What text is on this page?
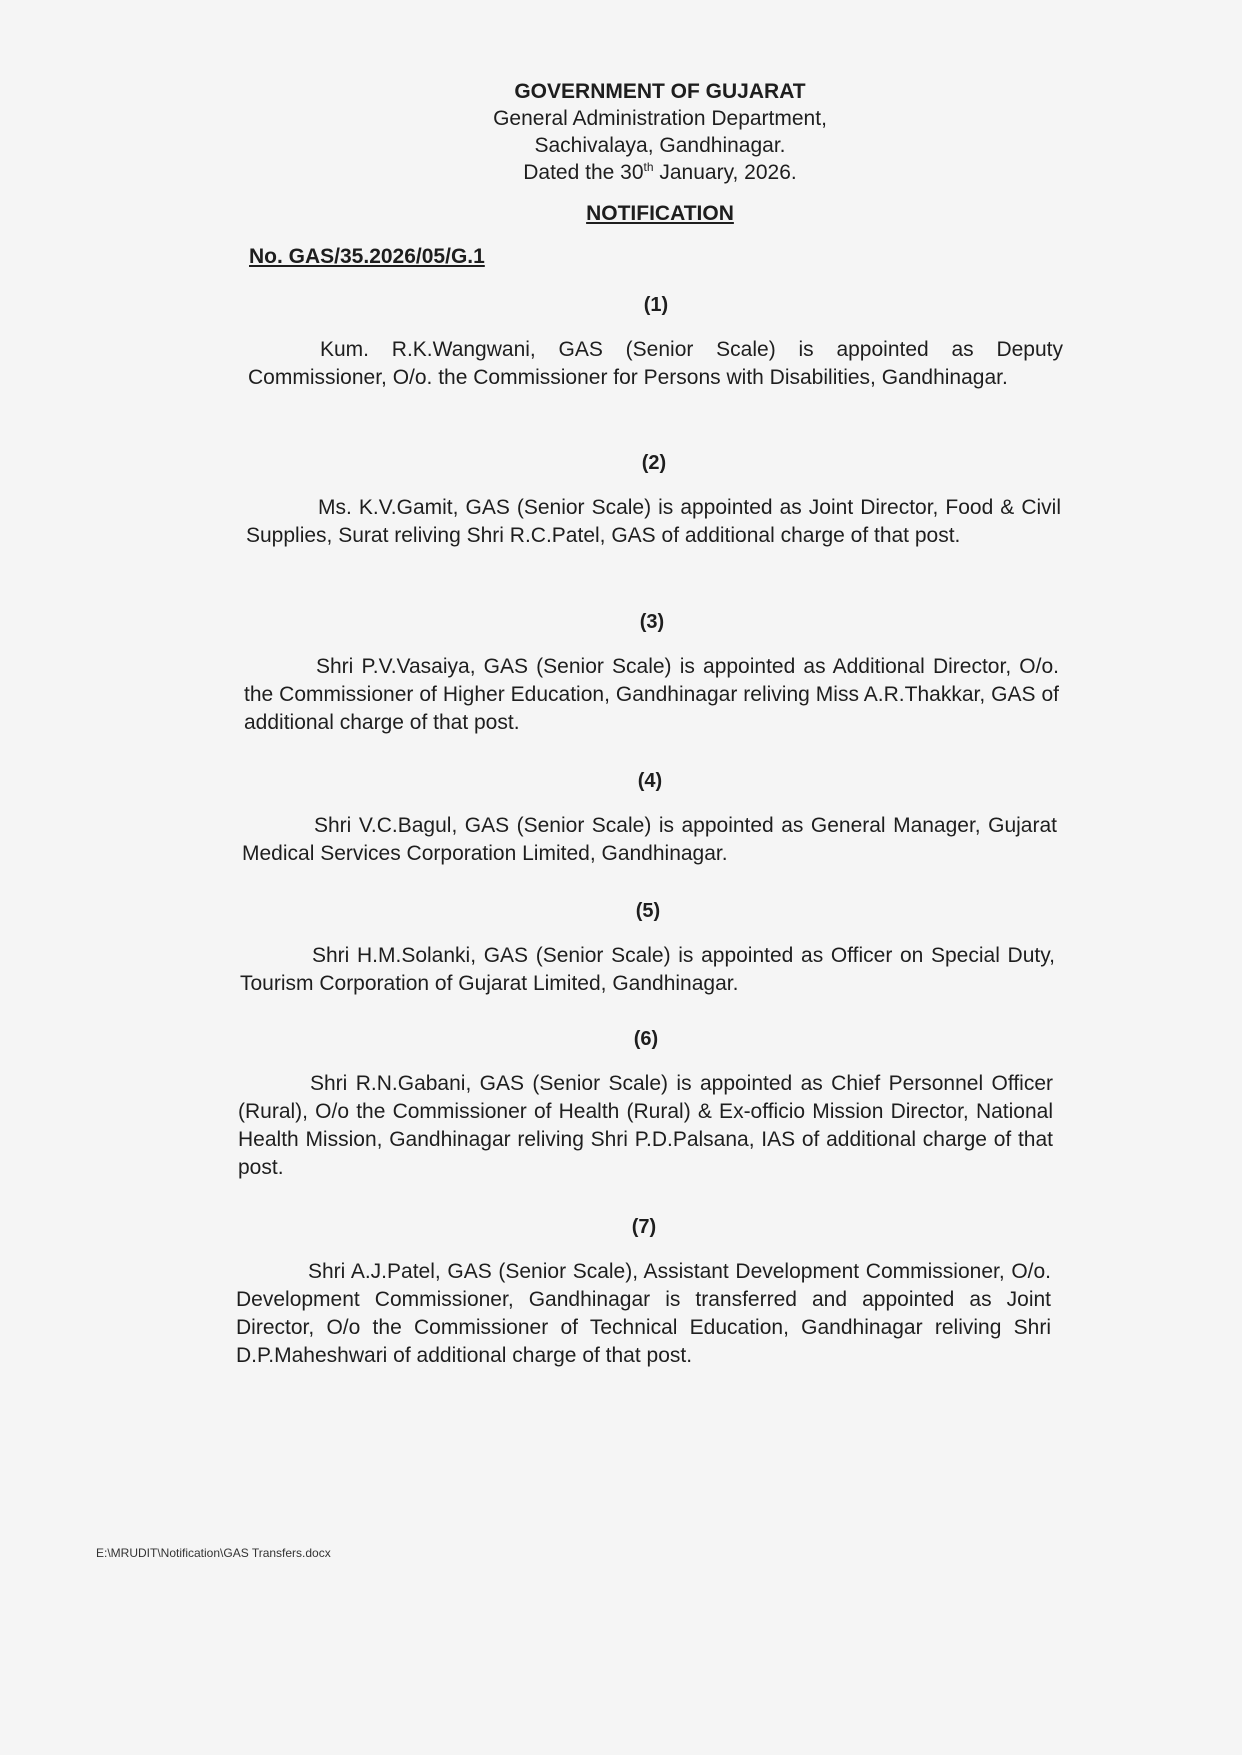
GOVERNMENT OF GUJARAT
General Administration Department,
Sachivalaya, Gandhinagar.
Dated the 30th January, 2026.
NOTIFICATION
No. GAS/35.2026/05/G.1
(1)
Kum. R.K.Wangwani, GAS (Senior Scale) is appointed as Deputy Commissioner, O/o. the Commissioner for Persons with Disabilities, Gandhinagar.
(2)
Ms. K.V.Gamit, GAS (Senior Scale) is appointed as Joint Director, Food & Civil Supplies, Surat reliving Shri R.C.Patel, GAS of additional charge of that post.
(3)
Shri P.V.Vasaiya, GAS (Senior Scale) is appointed as Additional Director, O/o. the Commissioner of Higher Education, Gandhinagar reliving Miss A.R.Thakkar, GAS of additional charge of that post.
(4)
Shri V.C.Bagul, GAS (Senior Scale) is appointed as General Manager, Gujarat Medical Services Corporation Limited, Gandhinagar.
(5)
Shri H.M.Solanki, GAS (Senior Scale) is appointed as Officer on Special Duty, Tourism Corporation of Gujarat Limited, Gandhinagar.
(6)
Shri R.N.Gabani, GAS (Senior Scale) is appointed as Chief Personnel Officer (Rural), O/o the Commissioner of Health (Rural) & Ex-officio Mission Director, National Health Mission, Gandhinagar reliving Shri P.D.Palsana, IAS of additional charge of that post.
(7)
Shri A.J.Patel, GAS (Senior Scale), Assistant Development Commissioner, O/o. Development Commissioner, Gandhinagar is transferred and appointed as Joint Director, O/o the Commissioner of Technical Education, Gandhinagar reliving Shri D.P.Maheshwari of additional charge of that post.
E:\MRUDIT\Notification\GAS Transfers.docx
